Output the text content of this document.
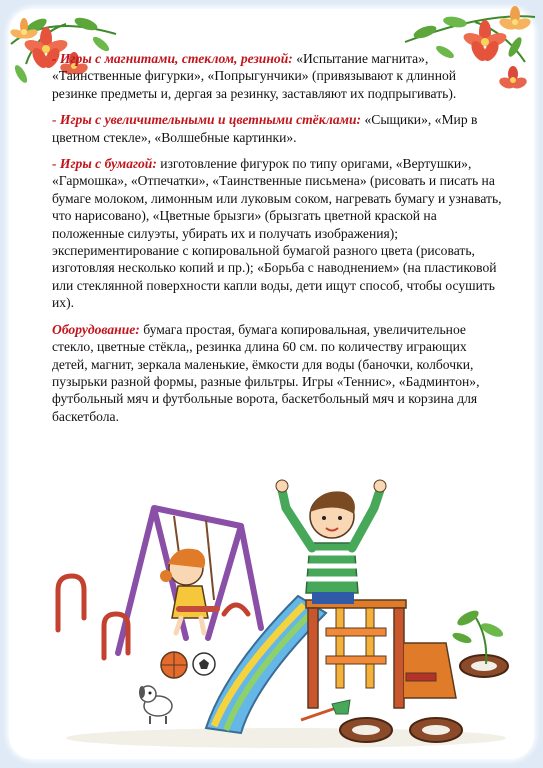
- Игры с магнитами, стеклом, резиной: «Испытание магнита», «Таинственные фигурки», «Попрыгунчики» (привязывают к длинной резинке предметы и, дергая за резинку, заставляют их подпрыгивать).

- Игры с увеличительными и цветными стёклами: «Сыщики», «Мир в цветном стекле», «Волшебные картинки».

- Игры с бумагой: изготовление фигурок по типу оригами, «Вертушки», «Гармошка», «Отпечатки», «Таинственные письмена» (рисовать и писать на бумаге молоком, лимонным или луковым соком, нагревать бумагу и узнавать, что нарисовано), «Цветные брызги» (брызгать цветной краской на положенные силуэты, убирать их и получать изображения); экспериментирование с копировальной бумагой разного цвета (рисовать, изготовляя несколько копий и пр.); «Борьба с наводнением» (на пластиковой или стеклянной поверхности капли воды, дети ищут способ, чтобы осушить их).

Оборудование: бумага простая, бумага копировальная, увеличительное стекло, цветные стёкла,, резинка длина 60 см. по количеству играющих детей, магнит, зеркала маленькие, ёмкости для воды (баночки, колбочки, пузырьки разной формы, разные фильтры. Игры «Теннис», «Бадминтон», футбольный мяч и футбольные ворота, баскетбольный мяч и корзина для баскетбола.
